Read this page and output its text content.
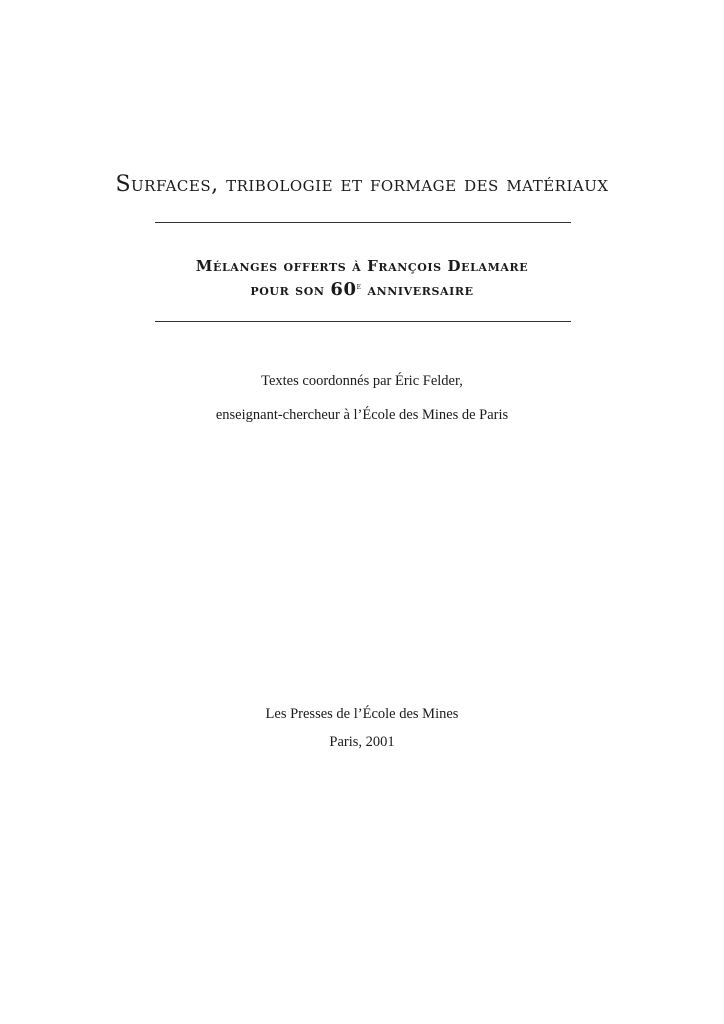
Surfaces, tribologie et formage des matériaux
Mélanges offerts à François Delamare
pour son 60e anniversaire
Textes coordonnés par Éric Felder,
enseignant-chercheur à l’École des Mines de Paris
Les Presses de l’École des Mines
Paris, 2001
